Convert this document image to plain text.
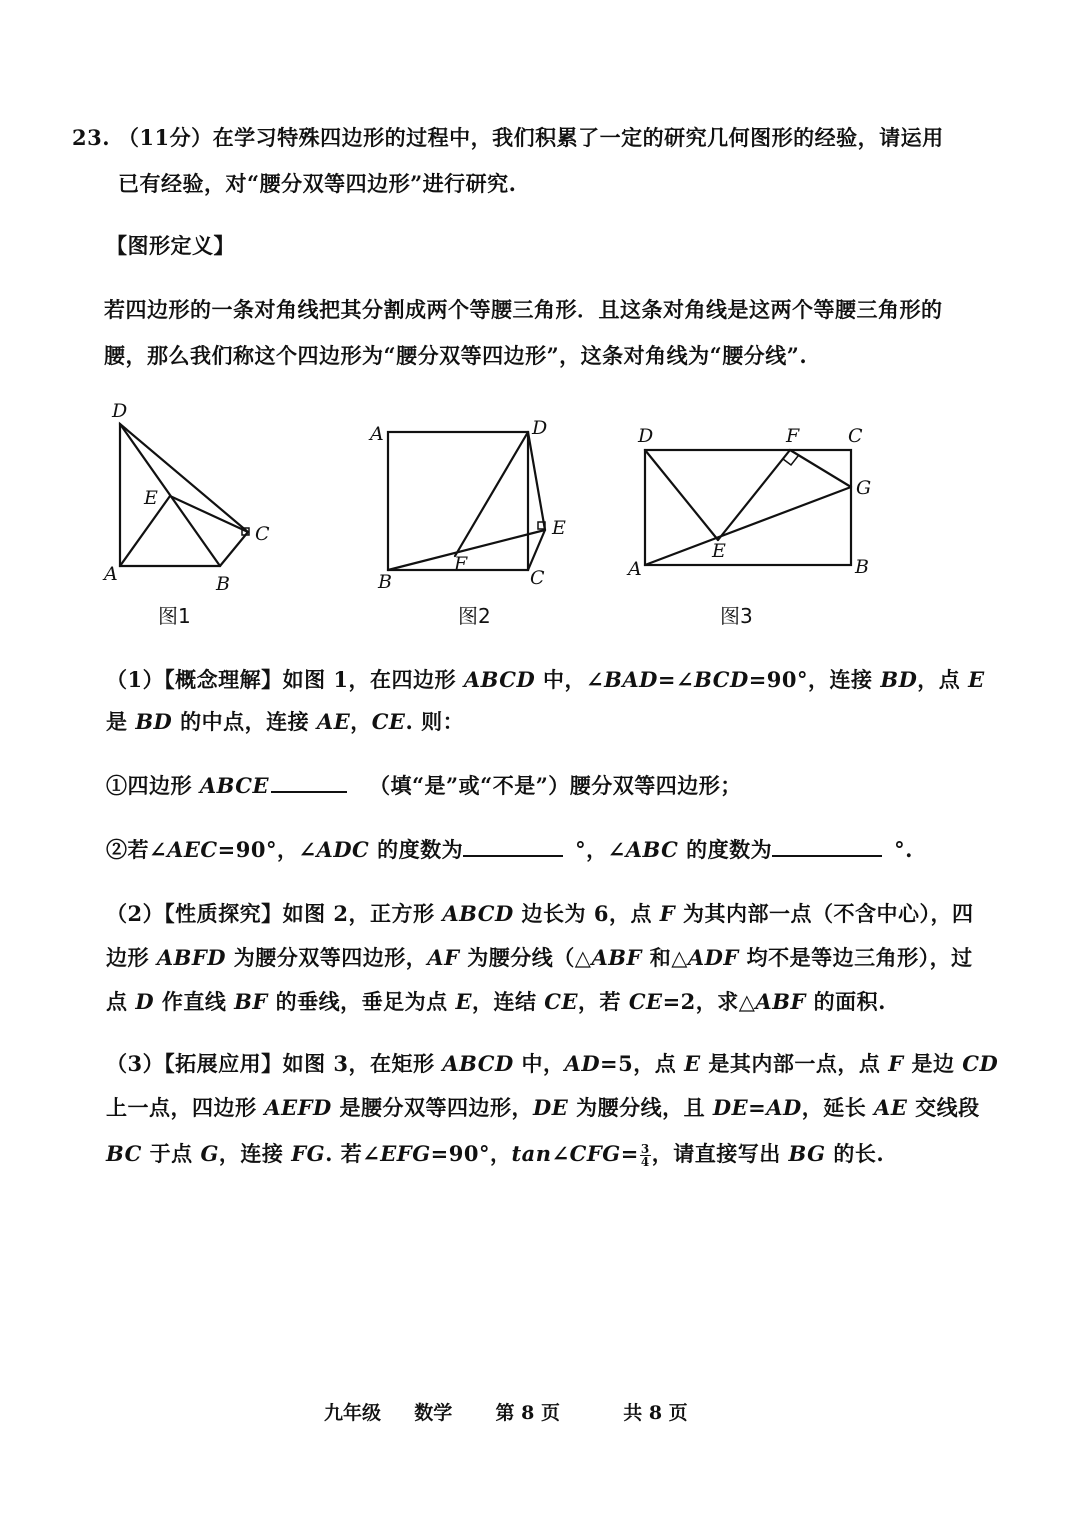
23. （11分）在学习特殊四边形的过程中，我们积累了一定的研究几何图形的经验，请运用
已有经验，对“腰分双等四边形”进行研究.
【图形定义】
若四边形的一条对角线把其分割成两个等腰三角形．且这条对角线是这两个等腰三角形的
腰，那么我们称这个四边形为“腰分双等四边形”，这条对角线为“腰分线”.
D
E
C
A	B
A	D
E
F
B	C
D	F	C
G
E
A	B
图1	图2	图3
（1）【概念理解】如图 1，在四边形 ABCD 中，∠BAD=∠BCD=90°，连接 BD，点 E
是 BD 的中点，连接 AE，CE. 则：
①四边形 ABCE	（填“是”或“不是”）腰分双等四边形；
②若∠AEC=90°，∠ADC 的度数为	°，∠ABC 的度数为	°.
（2）【性质探究】如图 2，正方形 ABCD 边长为 6，点 F 为其内部一点（不含中心），四
边形 ABFD 为腰分双等四边形，AF 为腰分线（△ABF 和△ADF 均不是等边三角形），过
点 D 作直线 BF 的垂线，垂足为点 E，连结 CE，若 CE=2，求△ABF 的面积.
（3）【拓展应用】如图 3，在矩形 ABCD 中，AD=5，点 E 是其内部一点，点 F 是边 CD
上一点，四边形 AEFD 是腰分双等四边形，DE 为腰分线，且 DE=AD，延长 AE 交线段
BC 于点 G，连接 FG. 若∠EFG=90°，tan∠CFG= $\frac{3}{4}$ ，请直接写出 BG 的长.
九年级 数学 第 8 页	共 8 页
